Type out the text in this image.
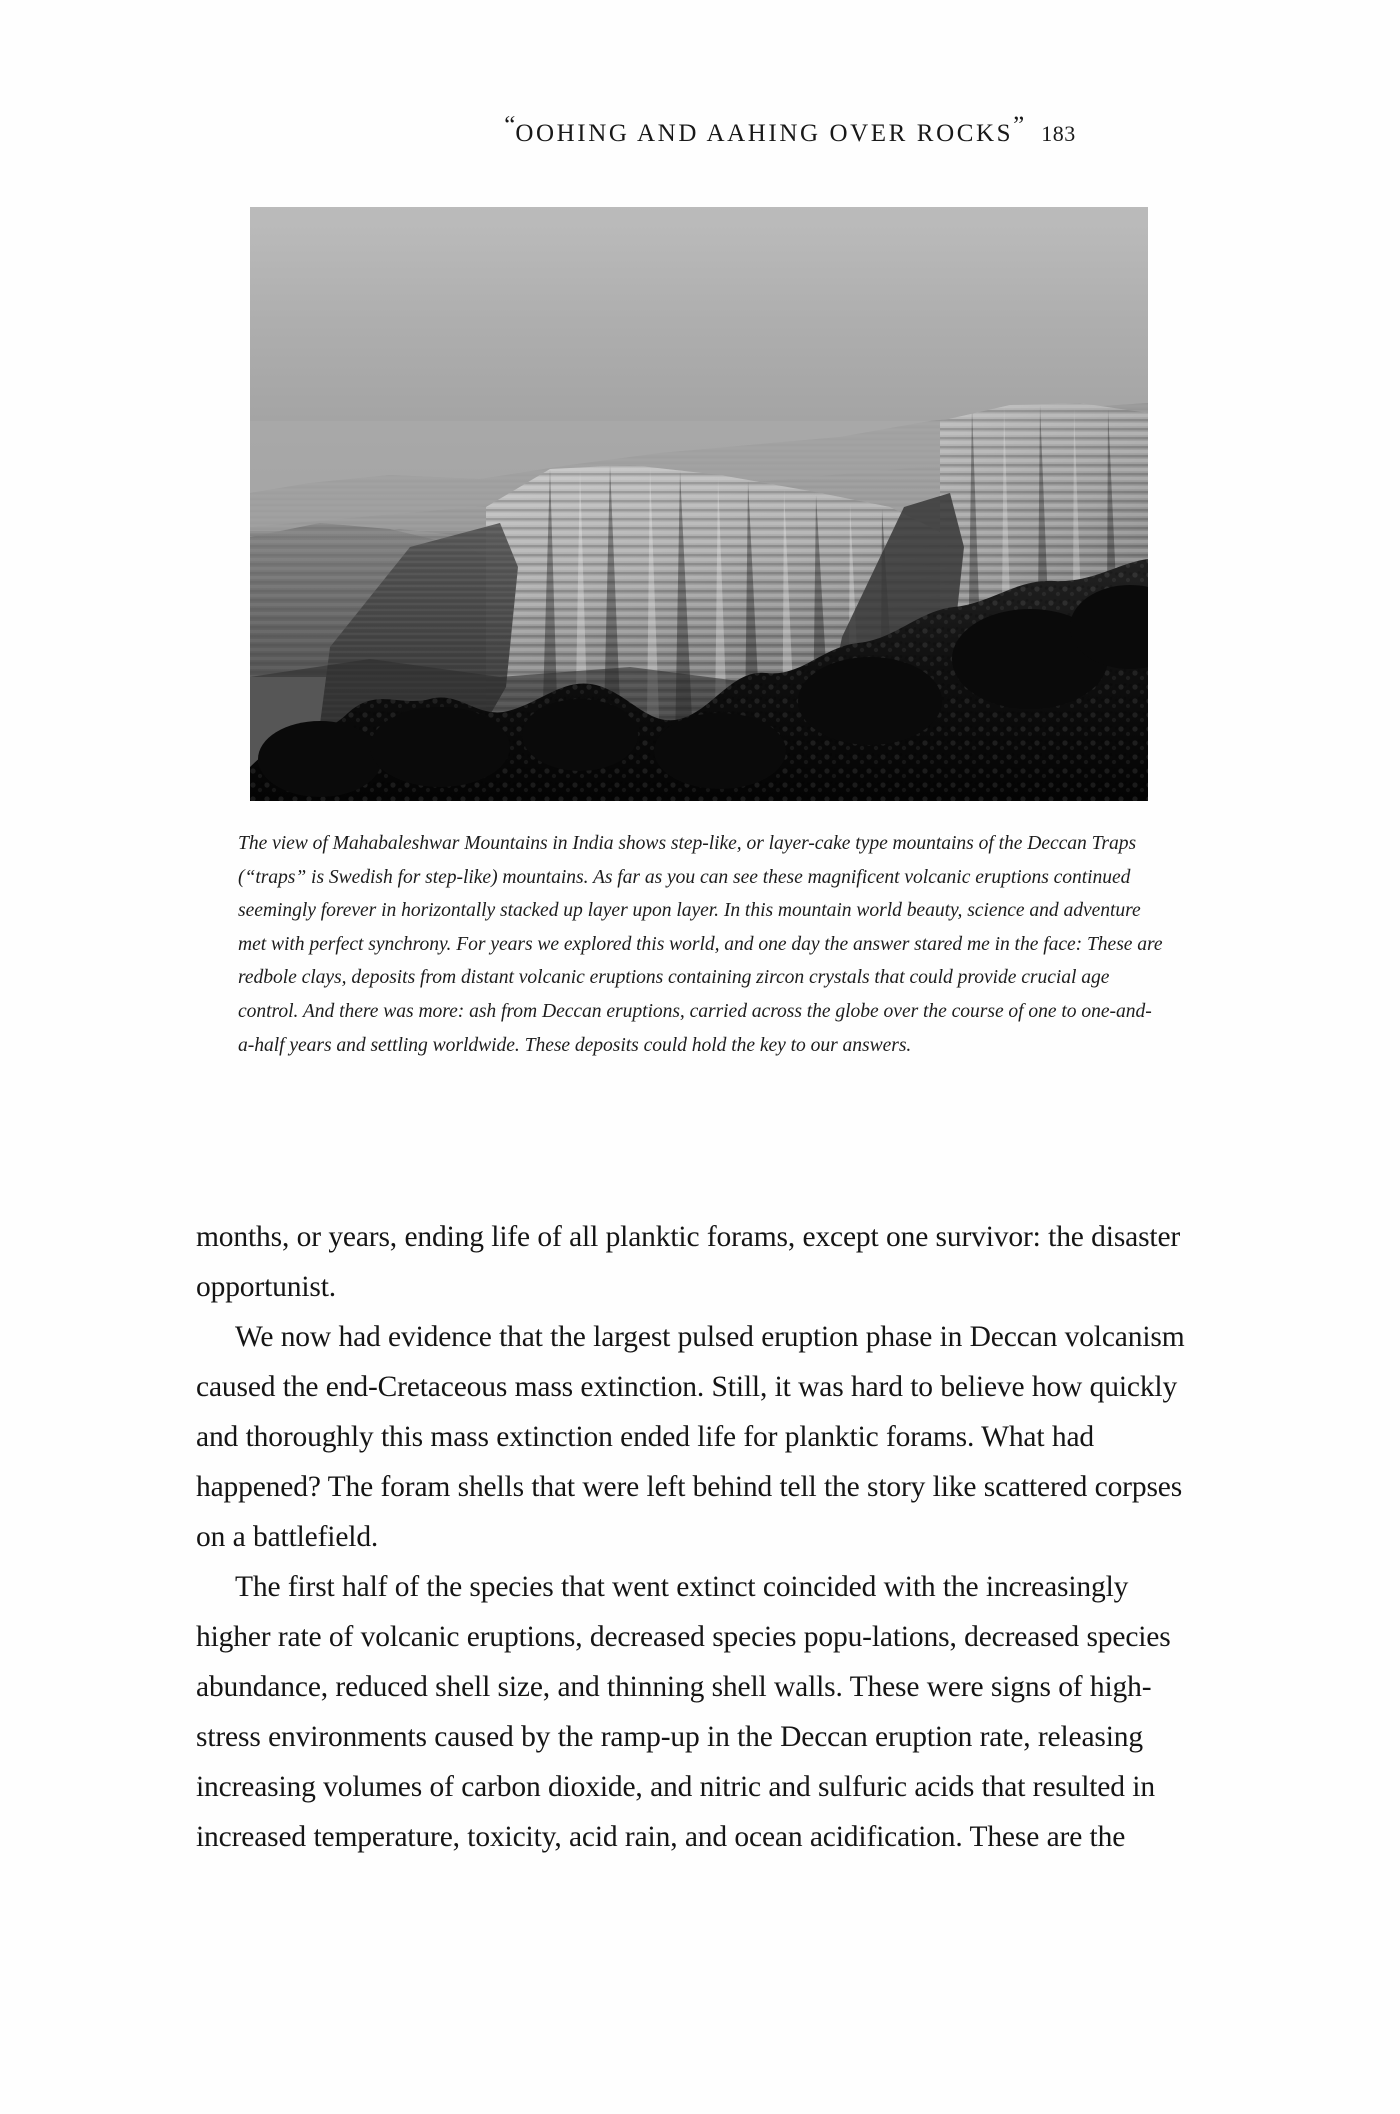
“OOHING AND AAHING OVER ROCKS” 183
The view of Mahabaleshwar Mountains in India shows step-like, or layer-cake type mountains of the Deccan Traps (“traps” is Swedish for step-like) mountains. As far as you can see these magnificent volcanic eruptions continued seemingly forever in horizontally stacked up layer upon layer. In this mountain world beauty, science and adventure met with perfect synchrony. For years we explored this world, and one day the answer stared me in the face: These are redbole clays, deposits from distant volcanic eruptions containing zircon crystals that could provide crucial age control. And there was more: ash from Deccan eruptions, carried across the globe over the course of one to one-and-a-half years and settling worldwide. These deposits could hold the key to our answers.

months, or years, ending life of all planktic forams, except one survivor: the disaster opportunist.

We now had evidence that the largest pulsed eruption phase in Deccan volcanism caused the end-Cretaceous mass extinction. Still, it was hard to believe how quickly and thoroughly this mass extinction ended life for planktic forams. What had happened? The foram shells that were left behind tell the story like scattered corpses on a battlefield.

The first half of the species that went extinct coincided with the increasingly higher rate of volcanic eruptions, decreased species popu-lations, decreased species abundance, reduced shell size, and thinning shell walls. These were signs of high-stress environments caused by the ramp-up in the Deccan eruption rate, releasing increasing volumes of carbon dioxide, and nitric and sulfuric acids that resulted in increased temperature, toxicity, acid rain, and ocean acidification. These are the
